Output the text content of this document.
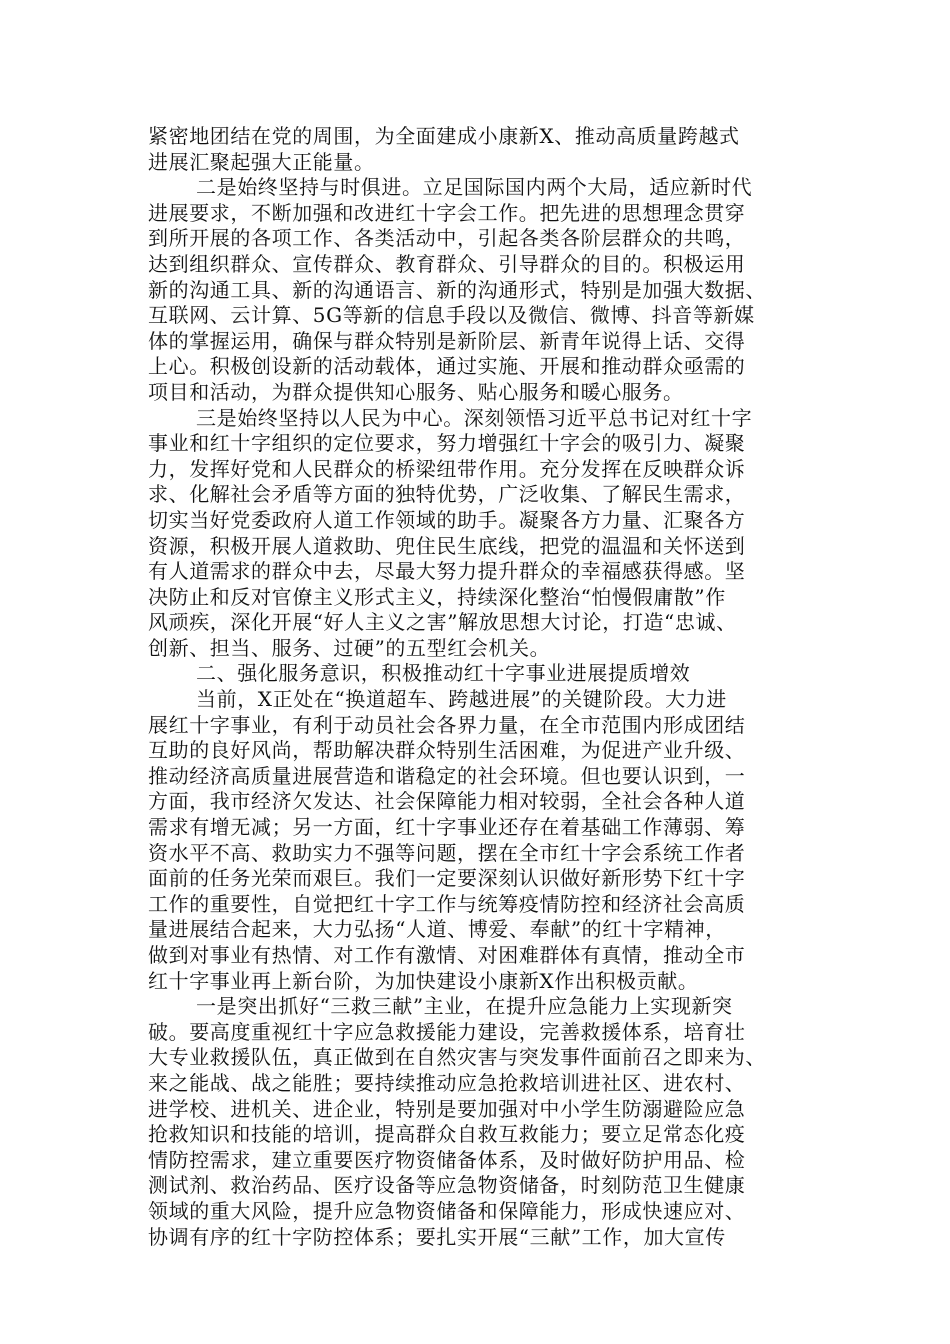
紧密地团结在党的周围，为全面建成小康新X、推动高质量跨越式
进展汇聚起强大正能量。
二是始终坚持与时俱进。立足国际国内两个大局，适应新时代
进展要求，不断加强和改进红十字会工作。把先进的思想理念贯穿
到所开展的各项工作、各类活动中，引起各类各阶层群众的共鸣，
达到组织群众、宣传群众、教育群众、引导群众的目的。积极运用
新的沟通工具、新的沟通语言、新的沟通形式，特别是加强大数据、
互联网、云计算、5G等新的信息手段以及微信、微博、抖音等新媒
体的掌握运用，确保与群众特别是新阶层、新青年说得上话、交得
上心。积极创设新的活动载体，通过实施、开展和推动群众亟需的
项目和活动，为群众提供知心服务、贴心服务和暖心服务。
三是始终坚持以人民为中心。深刻领悟习近平总书记对红十字
事业和红十字组织的定位要求，努力增强红十字会的吸引力、凝聚
力，发挥好党和人民群众的桥梁纽带作用。充分发挥在反映群众诉
求、化解社会矛盾等方面的独特优势，广泛收集、了解民生需求，
切实当好党委政府人道工作领域的助手。凝聚各方力量、汇聚各方
资源，积极开展人道救助、兜住民生底线，把党的温温和关怀送到
有人道需求的群众中去，尽最大努力提升群众的幸福感获得感。坚
决防止和反对官僚主义形式主义，持续深化整治“怕慢假庸散”作
风顽疾，深化开展“好人主义之害”解放思想大讨论，打造“忠诚、
创新、担当、服务、过硬”的五型红会机关。
二、强化服务意识，积极推动红十字事业进展提质增效
当前，X正处在“换道超车、跨越进展”的关键阶段。大力进
展红十字事业，有利于动员社会各界力量，在全市范围内形成团结
互助的良好风尚，帮助解决群众特别生活困难，为促进产业升级、
推动经济高质量进展营造和谐稳定的社会环境。但也要认识到，一
方面，我市经济欠发达、社会保障能力相对较弱，全社会各种人道
需求有增无减；另一方面，红十字事业还存在着基础工作薄弱、筹
资水平不高、救助实力不强等问题，摆在全市红十字会系统工作者
面前的任务光荣而艰巨。我们一定要深刻认识做好新形势下红十字
工作的重要性，自觉把红十字工作与统筹疫情防控和经济社会高质
量进展结合起来，大力弘扬“人道、博爱、奉献”的红十字精神，
做到对事业有热情、对工作有激情、对困难群体有真情，推动全市
红十字事业再上新台阶，为加快建设小康新X作出积极贡献。
一是突出抓好“三救三献”主业，在提升应急能力上实现新突
破。要高度重视红十字应急救援能力建设，完善救援体系，培育壮
大专业救援队伍，真正做到在自然灾害与突发事件面前召之即来为、
来之能战、战之能胜；要持续推动应急抢救培训进社区、进农村、
进学校、进机关、进企业，特别是要加强对中小学生防溺避险应急
抢救知识和技能的培训，提高群众自救互救能力；要立足常态化疫
情防控需求，建立重要医疗物资储备体系，及时做好防护用品、检
测试剂、救治药品、医疗设备等应急物资储备，时刻防范卫生健康
领域的重大风险，提升应急物资储备和保障能力，形成快速应对、
协调有序的红十字防控体系；要扎实开展“三献”工作，加大宣传
